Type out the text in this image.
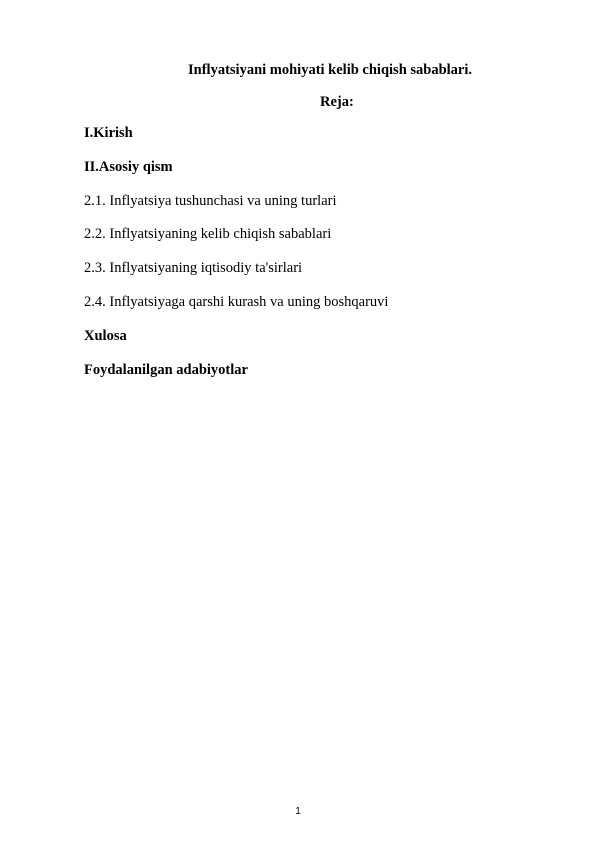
Inflyatsiyani mohiyati kelib chiqish sabablari.
Reja:
I.Kirish
II.Asosiy qism
2.1. Inflyatsiya tushunchasi va uning turlari
2.2. Inflyatsiyaning kelib chiqish sabablari
2.3. Inflyatsiyaning iqtisodiy ta'sirlari
2.4. Inflyatsiyaga qarshi kurash va uning boshqaruvi
Xulosa
Foydalanilgan adabiyotlar
1
